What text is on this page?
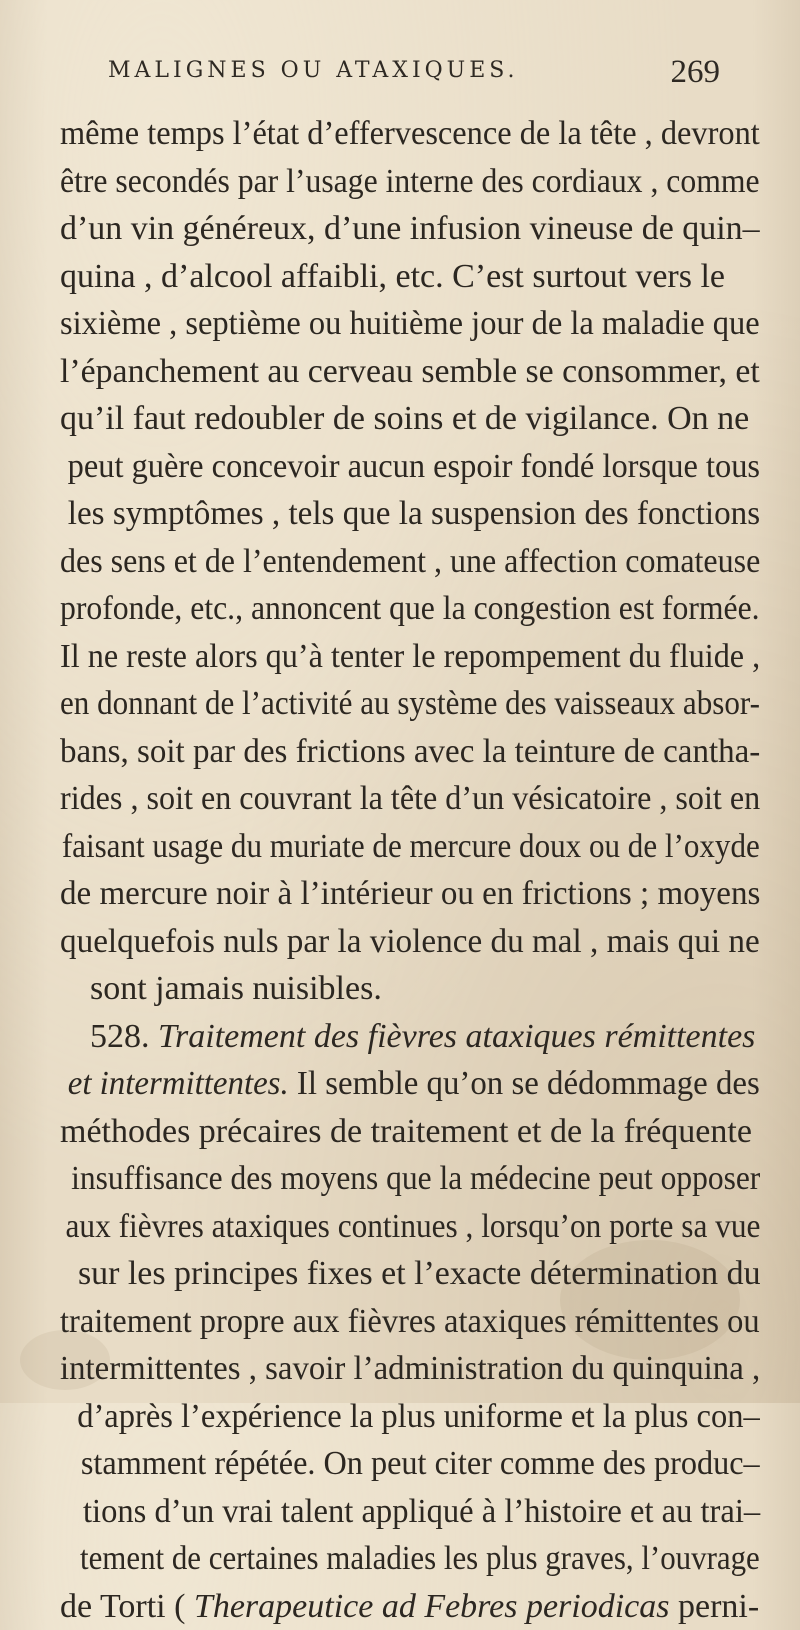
MALIGNES OU ATAXIQUES.	269
même temps l’état d’effervescence de la tête , devront
être secondés par l’usage interne des cordiaux , comme
d’un vin généreux, d’une infusion vineuse de quin–
quina , d’alcool affaibli, etc. C’est surtout vers le
sixième , septième ou huitième jour de la maladie que
l’épanchement au cerveau semble se consommer, et
qu’il faut redoubler de soins et de vigilance. On ne
peut guère concevoir aucun espoir fondé lorsque tous
les symptômes , tels que la suspension des fonctions
des sens et de l’entendement , une affection comateuse
profonde, etc., annoncent que la congestion est formée.
Il ne reste alors qu’à tenter le repompement du fluide ,
en donnant de l’activité au système des vaisseaux absor-
bans, soit par des frictions avec la teinture de cantha-
rides , soit en couvrant la tête d’un vésicatoire , soit en
faisant usage du muriate de mercure doux ou de l’oxyde
de mercure noir à l’intérieur ou en frictions ; moyens
quelquefois nuls par la violence du mal , mais qui ne
sont jamais nuisibles.
528. Traitement des fièvres ataxiques rémittentes
et intermittentes. Il semble qu’on se dédommage des
méthodes précaires de traitement et de la fréquente
insuffisance des moyens que la médecine peut opposer
aux fièvres ataxiques continues , lorsqu’on porte sa vue
sur les principes fixes et l’exacte détermination du
traitement propre aux fièvres ataxiques rémittentes ou
intermittentes , savoir l’administration du quinquina ,
d’après l’expérience la plus uniforme et la plus con–
stamment répétée. On peut citer comme des produc–
tions d’un vrai talent appliqué à l’histoire et au trai–
tement de certaines maladies les plus graves, l’ouvrage
de Torti ( Therapeutice ad Febres periodicas perni-
